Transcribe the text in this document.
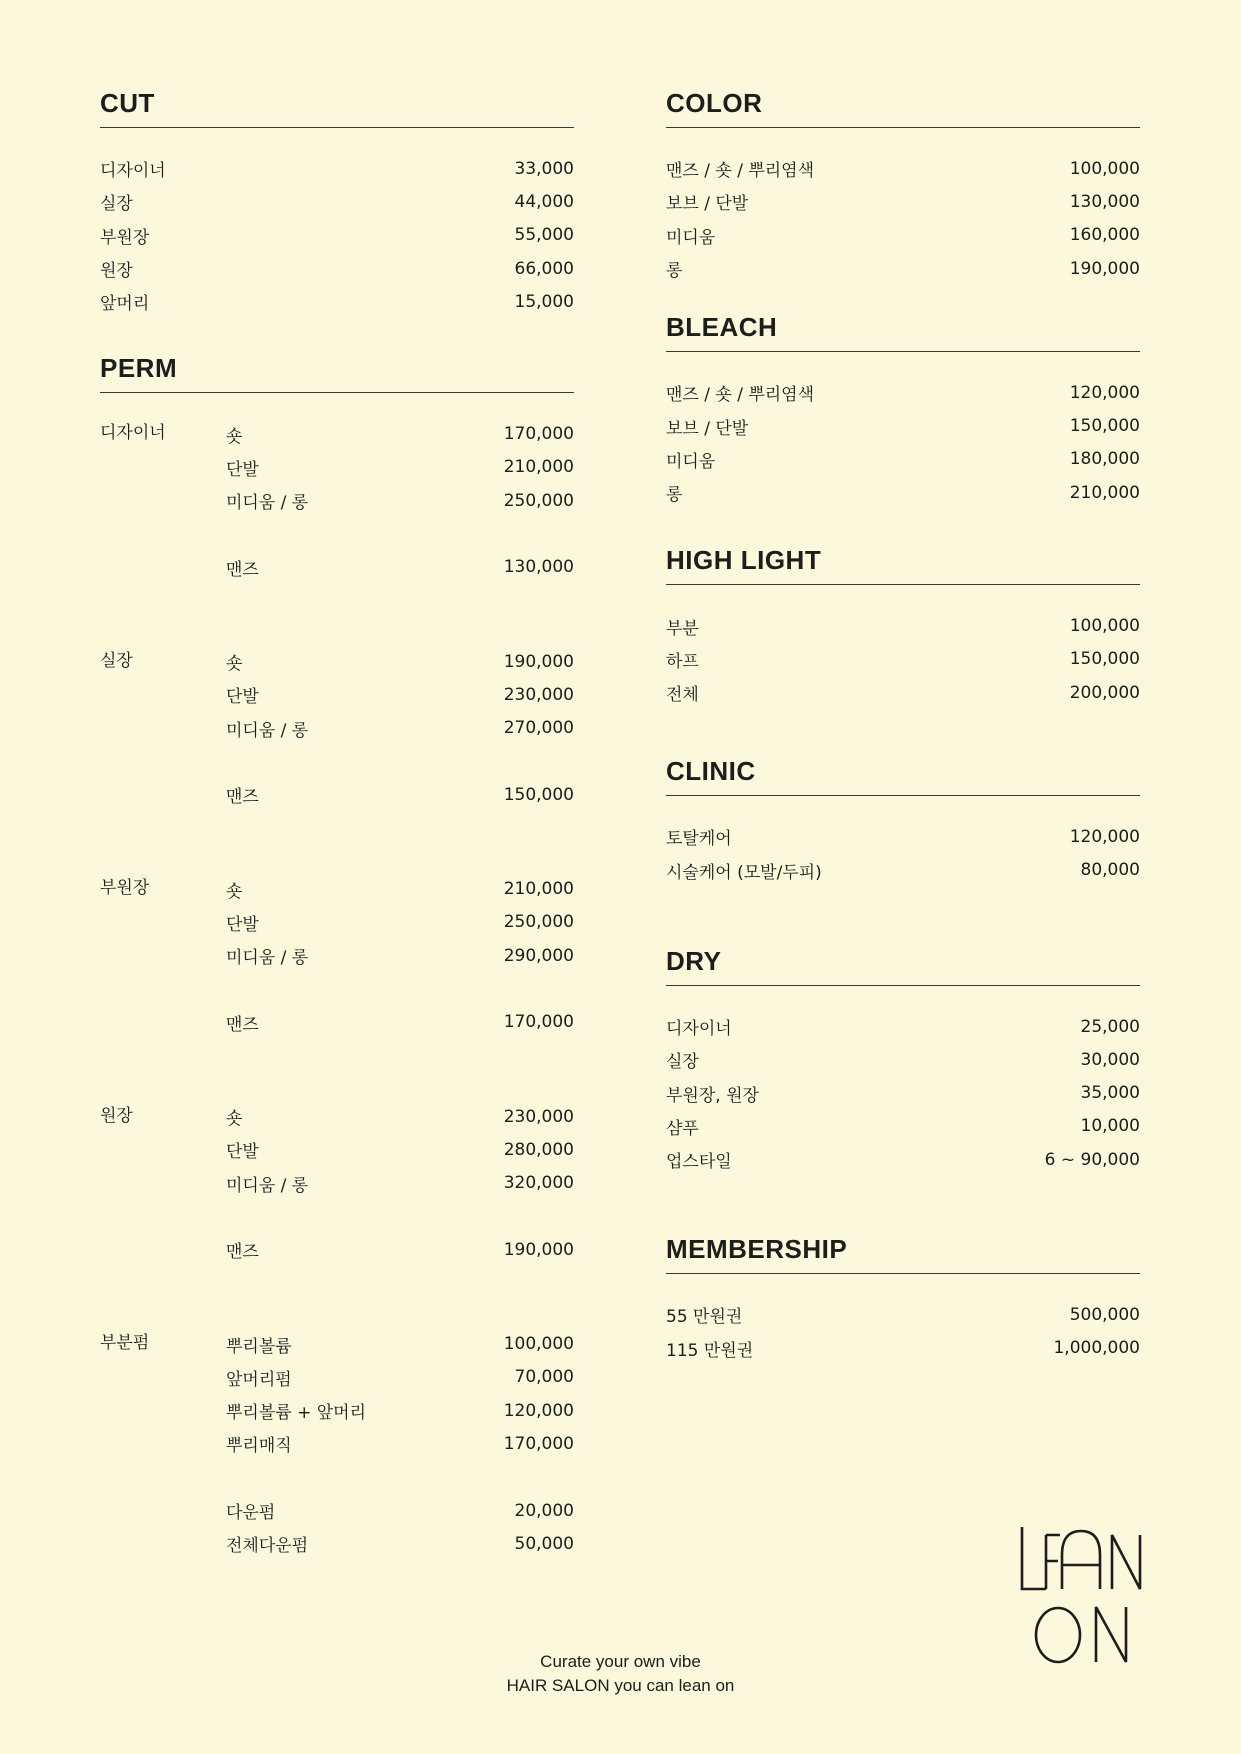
CUT
디자이너	33,000
실장	44,000
부원장	55,000
원장	66,000
앞머리	15,000
PERM
디자이너	숏	170,000
단발	210,000
미디움 / 롱	250,000
맨즈	130,000
실장	숏	190,000
단발	230,000
미디움 / 롱	270,000
맨즈	150,000
부원장	숏	210,000
단발	250,000
미디움 / 롱	290,000
맨즈	170,000
원장	숏	230,000
단발	280,000
미디움 / 롱	320,000
맨즈	190,000
부분펌	뿌리볼륨	100,000
앞머리펌	70,000
뿌리볼륨 + 앞머리	120,000
뿌리매직	170,000
다운펌	20,000
전체다운펌	50,000
COLOR
맨즈 / 숏 / 뿌리염색	100,000
보브 / 단발	130,000
미디움	160,000
롱	190,000
BLEACH
맨즈 / 숏 / 뿌리염색	120,000
보브 / 단발	150,000
미디움	180,000
롱	210,000
HIGH LIGHT
부분	100,000
하프	150,000
전체	200,000
CLINIC
토탈케어	120,000
시술케어 (모발/두피)	80,000
DRY
디자이너	25,000
실장	30,000
부원장, 원장	35,000
샴푸	10,000
업스타일	6 ~ 90,000
MEMBERSHIP
55 만원권	500,000
115 만원권	1,000,000
Curate your own vibe
HAIR SALON you can lean on
